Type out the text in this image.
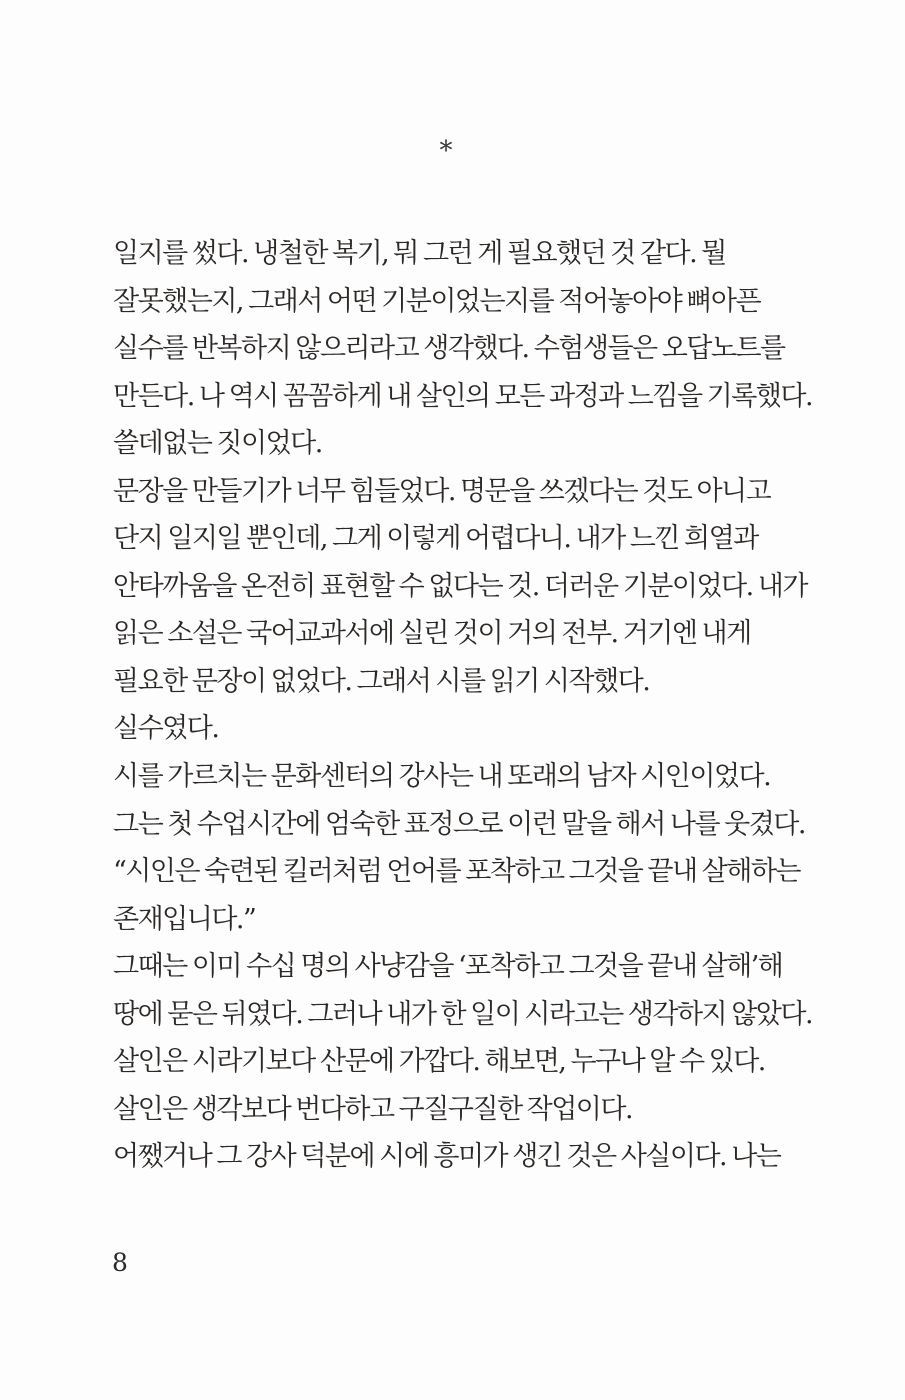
*
일지를 썼다. 냉철한 복기, 뭐 그런 게 필요했던 것 같다. 뭘
잘못했는지, 그래서 어떤 기분이었는지를 적어놓아야 뼈아픈
실수를 반복하지 않으리라고 생각했다. 수험생들은 오답노트를
만든다. 나 역시 꼼꼼하게 내 살인의 모든 과정과 느낌을 기록했다.
쓸데없는 짓이었다.
문장을 만들기가 너무 힘들었다. 명문을 쓰겠다는 것도 아니고
단지 일지일 뿐인데, 그게 이렇게 어렵다니. 내가 느낀 희열과
안타까움을 온전히 표현할 수 없다는 것. 더러운 기분이었다. 내가
읽은 소설은 국어교과서에 실린 것이 거의 전부. 거기엔 내게
필요한 문장이 없었다. 그래서 시를 읽기 시작했다.
실수였다.
시를 가르치는 문화센터의 강사는 내 또래의 남자 시인이었다.
그는 첫 수업시간에 엄숙한 표정으로 이런 말을 해서 나를 웃겼다.
“시인은 숙련된 킬러처럼 언어를 포착하고 그것을 끝내 살해하는
존재입니다.”
그때는 이미 수십 명의 사냥감을 ‘포착하고 그것을 끝내 살해’해
땅에 묻은 뒤였다. 그러나 내가 한 일이 시라고는 생각하지 않았다.
살인은 시라기보다 산문에 가깝다. 해보면, 누구나 알 수 있다.
살인은 생각보다 번다하고 구질구질한 작업이다.
어쨌거나 그 강사 덕분에 시에 흥미가 생긴 것은 사실이다. 나는
8
